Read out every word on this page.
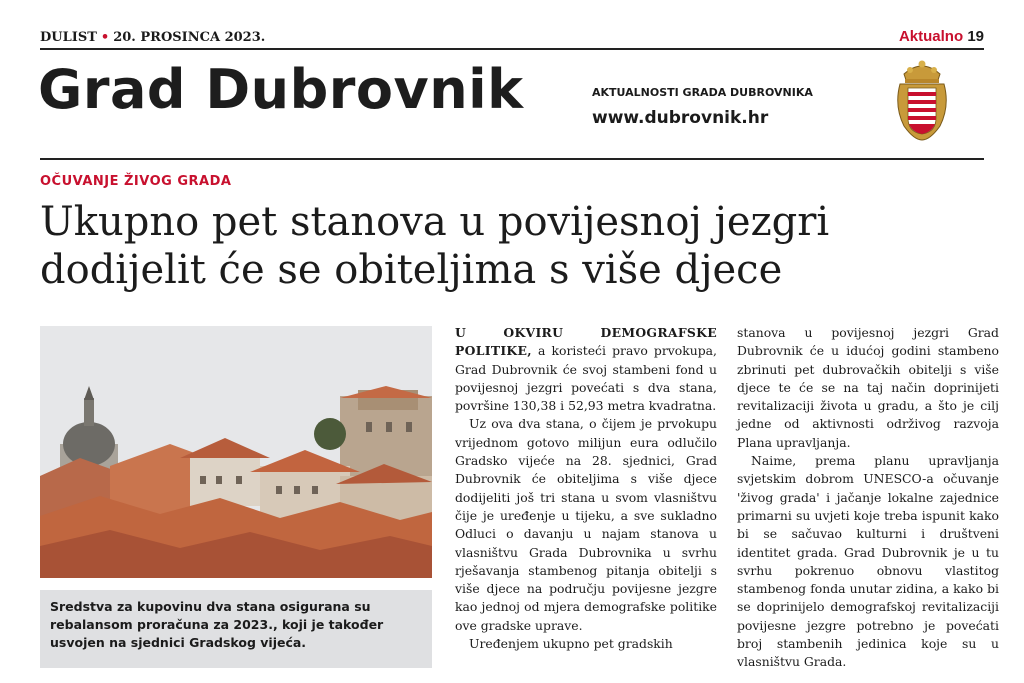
DULIST • 20. PROSINCA 2023.	Aktualno 19
Grad Dubrovnik	AKTUALNOSTI GRADA DUBROVNIKA
www.dubrovnik.hr
OČUVANJE ŽIVOG GRADA
Ukupno pet stanova u povijesnoj jezgri
dodijelit će se obiteljima s više djece
Sredstva za kupovinu dva stana osigurana su rebalansom proračuna za 2023., koji je također usvojen na sjednici Gradskog vijeća.

U OKVIRU DEMOGRAFSKE POLITIKE, a koristeći pravo prvokupa, Grad Dubrovnik će svoj stambeni fond u povijesnoj jezgri povećati s dva stana, površine 130,38 i 52,93 metra kvadratna.

Uz ova dva stana, o čijem je prvokupu vrijednom gotovo milijun eura odlučilo Gradsko vijeće na 28. sjednici, Grad Dubrovnik će obiteljima s više djece dodijeliti još tri stana u svom vlasništvu čije je uređenje u tijeku, a sve sukladno Odluci o davanju u najam stanova u vlasništvu Grada Dubrovnika u svrhu rješavanja stambenog pitanja obitelji s više djece na području povijesne jezgre kao jednoj od mjera demografske politike ove gradske uprave.

Uređenjem ukupno pet gradskih

stanova u povijesnoj jezgri Grad Dubrovnik će u idućoj godini stambeno zbrinuti pet dubrovačkih obitelji s više djece te će se na taj način doprinijeti revitalizaciji života u gradu, a što je cilj jedne od aktivnosti održivog razvoja Plana upravljanja.

Naime, prema planu upravljanja svjetskim dobrom UNESCO-a očuvanje 'živog grada' i jačanje lokalne zajednice primarni su uvjeti koje treba ispunit kako bi se sačuvao kulturni i društveni identitet grada. Grad Dubrovnik je u tu svrhu pokrenuo obnovu vlastitog stambenog fonda unutar zidina, a kako bi se doprinijelo demografskoj revitalizaciji povijesne jezgre potrebno je povećati broj stambenih jedinica koje su u vlasništvu Grada.
